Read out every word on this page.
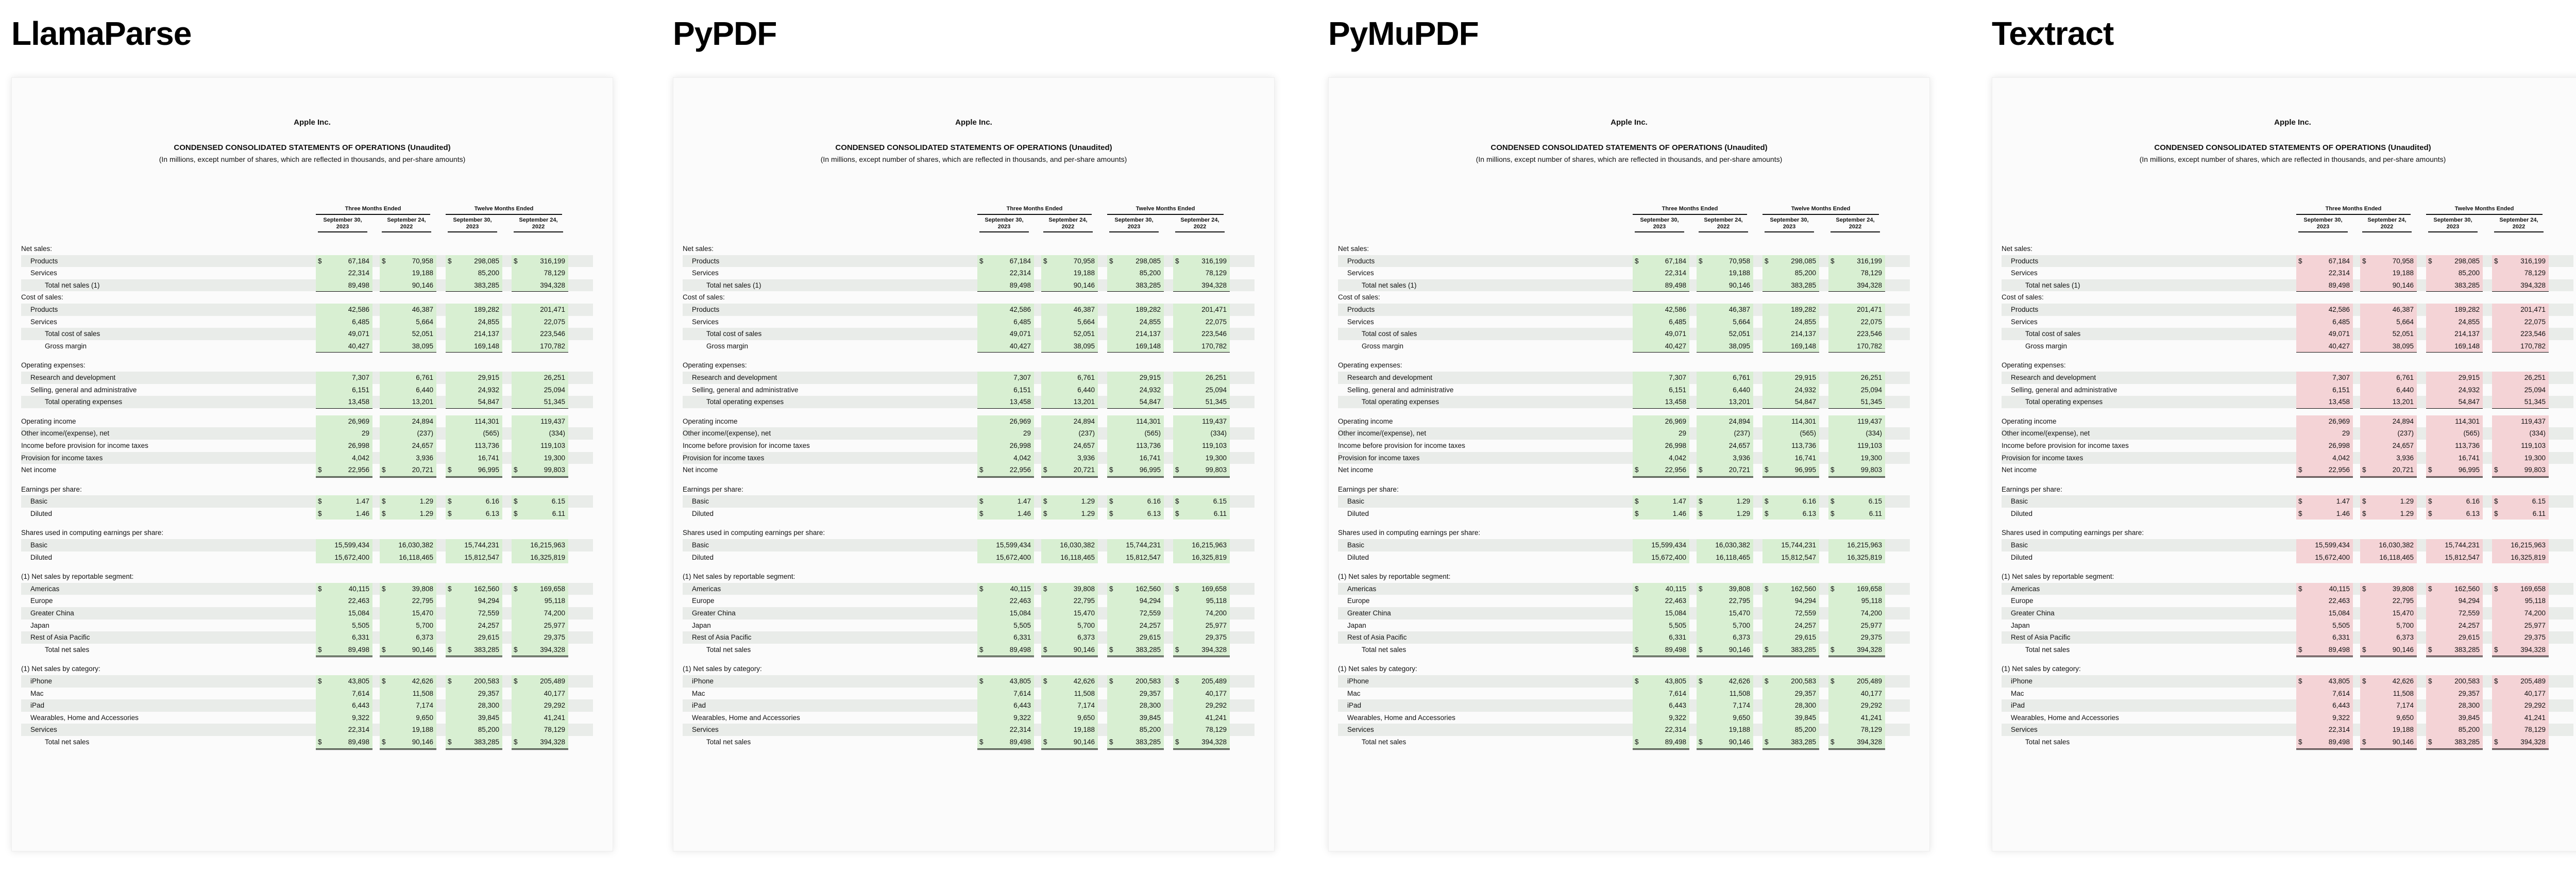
LlamaParse
Apple Inc.
CONDENSED CONSOLIDATED STATEMENTS OF OPERATIONS (Unaudited)
(In millions, except number of shares, which are reflected in thousands, and per-share amounts)
Three Months Ended	Twelve Months Ended
September 30, 2023
September 24, 2022
September 30, 2023
September 24, 2022
Net sales:
Products	$ 67,184	$ 70,958	$ 298,085	$ 316,199
Services	22,314	19,188	85,200	78,129
Total net sales (1)	89,498	90,146	383,285	394,328
Cost of sales:
Products	42,586	46,387	189,282	201,471
Services	6,485	5,664	24,855	22,075
Total cost of sales	49,071	52,051	214,137	223,546
Gross margin	40,427	38,095	169,148	170,782
Operating expenses:
Research and development	7,307	6,761	29,915	26,251
Selling, general and administrative	6,151	6,440	24,932	25,094
Total operating expenses	13,458	13,201	54,847	51,345
Operating income	26,969	24,894	114,301	119,437
Other income/(expense), net	29	(237)	(565)	(334)
Income before provision for income taxes	26,998	24,657	113,736	119,103
Provision for income taxes	4,042	3,936	16,741	19,300
Net income	$ 22,956	$ 20,721	$ 96,995	$ 99,803
Earnings per share:
Basic	$ 1.47	$ 1.29	$ 6.16	$ 6.15
Diluted	$ 1.46	$ 1.29	$ 6.13	$ 6.11
Shares used in computing earnings per share:
Basic	15,599,434	16,030,382	15,744,231	16,215,963
Diluted	15,672,400	16,118,465	15,812,547	16,325,819
(1) Net sales by reportable segment:
Americas	$ 40,115	$ 39,808	$ 162,560	$ 169,658
Europe	22,463	22,795	94,294	95,118
Greater China	15,084	15,470	72,559	74,200
Japan	5,505	5,700	24,257	25,977
Rest of Asia Pacific	6,331	6,373	29,615	29,375
Total net sales	$ 89,498	$ 90,146	$ 383,285	$ 394,328
(1) Net sales by category:
iPhone	$ 43,805	$ 42,626	$ 200,583	$ 205,489
Mac	7,614	11,508	29,357	40,177
iPad	6,443	7,174	28,300	29,292
Wearables, Home and Accessories	9,322	9,650	39,845	41,241
Services	22,314	19,188	85,200	78,129
Total net sales	$ 89,498	$ 90,146	$ 383,285	$ 394,328
PyPDF
Apple Inc.
CONDENSED CONSOLIDATED STATEMENTS OF OPERATIONS (Unaudited)
(In millions, except number of shares, which are reflected in thousands, and per-share amounts)
Three Months Ended	Twelve Months Ended
September 30, 2023
September 24, 2022
September 30, 2023
September 24, 2022
Net sales:
Products	$ 67,184	$ 70,958	$ 298,085	$ 316,199
Services	22,314	19,188	85,200	78,129
Total net sales (1)	89,498	90,146	383,285	394,328
Cost of sales:
Products	42,586	46,387	189,282	201,471
Services	6,485	5,664	24,855	22,075
Total cost of sales	49,071	52,051	214,137	223,546
Gross margin	40,427	38,095	169,148	170,782
Operating expenses:
Research and development	7,307	6,761	29,915	26,251
Selling, general and administrative	6,151	6,440	24,932	25,094
Total operating expenses	13,458	13,201	54,847	51,345
Operating income	26,969	24,894	114,301	119,437
Other income/(expense), net	29	(237)	(565)	(334)
Income before provision for income taxes	26,998	24,657	113,736	119,103
Provision for income taxes	4,042	3,936	16,741	19,300
Net income	$ 22,956	$ 20,721	$ 96,995	$ 99,803
Earnings per share:
Basic	$ 1.47	$ 1.29	$ 6.16	$ 6.15
Diluted	$ 1.46	$ 1.29	$ 6.13	$ 6.11
Shares used in computing earnings per share:
Basic	15,599,434	16,030,382	15,744,231	16,215,963
Diluted	15,672,400	16,118,465	15,812,547	16,325,819
(1) Net sales by reportable segment:
Americas	$ 40,115	$ 39,808	$ 162,560	$ 169,658
Europe	22,463	22,795	94,294	95,118
Greater China	15,084	15,470	72,559	74,200
Japan	5,505	5,700	24,257	25,977
Rest of Asia Pacific	6,331	6,373	29,615	29,375
Total net sales	$ 89,498	$ 90,146	$ 383,285	$ 394,328
(1) Net sales by category:
iPhone	$ 43,805	$ 42,626	$ 200,583	$ 205,489
Mac	7,614	11,508	29,357	40,177
iPad	6,443	7,174	28,300	29,292
Wearables, Home and Accessories	9,322	9,650	39,845	41,241
Services	22,314	19,188	85,200	78,129
Total net sales	$ 89,498	$ 90,146	$ 383,285	$ 394,328
PyMuPDF
Apple Inc.
CONDENSED CONSOLIDATED STATEMENTS OF OPERATIONS (Unaudited)
(In millions, except number of shares, which are reflected in thousands, and per-share amounts)
Three Months Ended	Twelve Months Ended
September 30, 2023
September 24, 2022
September 30, 2023
September 24, 2022
Net sales:
Products	$ 67,184	$ 70,958	$ 298,085	$ 316,199
Services	22,314	19,188	85,200	78,129
Total net sales (1)	89,498	90,146	383,285	394,328
Cost of sales:
Products	42,586	46,387	189,282	201,471
Services	6,485	5,664	24,855	22,075
Total cost of sales	49,071	52,051	214,137	223,546
Gross margin	40,427	38,095	169,148	170,782
Operating expenses:
Research and development	7,307	6,761	29,915	26,251
Selling, general and administrative	6,151	6,440	24,932	25,094
Total operating expenses	13,458	13,201	54,847	51,345
Operating income	26,969	24,894	114,301	119,437
Other income/(expense), net	29	(237)	(565)	(334)
Income before provision for income taxes	26,998	24,657	113,736	119,103
Provision for income taxes	4,042	3,936	16,741	19,300
Net income	$ 22,956	$ 20,721	$ 96,995	$ 99,803
Earnings per share:
Basic	$ 1.47	$ 1.29	$ 6.16	$ 6.15
Diluted	$ 1.46	$ 1.29	$ 6.13	$ 6.11
Shares used in computing earnings per share:
Basic	15,599,434	16,030,382	15,744,231	16,215,963
Diluted	15,672,400	16,118,465	15,812,547	16,325,819
(1) Net sales by reportable segment:
Americas	$ 40,115	$ 39,808	$ 162,560	$ 169,658
Europe	22,463	22,795	94,294	95,118
Greater China	15,084	15,470	72,559	74,200
Japan	5,505	5,700	24,257	25,977
Rest of Asia Pacific	6,331	6,373	29,615	29,375
Total net sales	$ 89,498	$ 90,146	$ 383,285	$ 394,328
(1) Net sales by category:
iPhone	$ 43,805	$ 42,626	$ 200,583	$ 205,489
Mac	7,614	11,508	29,357	40,177
iPad	6,443	7,174	28,300	29,292
Wearables, Home and Accessories	9,322	9,650	39,845	41,241
Services	22,314	19,188	85,200	78,129
Total net sales	$ 89,498	$ 90,146	$ 383,285	$ 394,328
Textract
Apple Inc.
CONDENSED CONSOLIDATED STATEMENTS OF OPERATIONS (Unaudited)
(In millions, except number of shares, which are reflected in thousands, and per-share amounts)
Three Months Ended	Twelve Months Ended
September 30, 2023
September 24, 2022
September 30, 2023
September 24, 2022
Net sales:
Products	$ 67,184	$ 70,958	$ 298,085	$ 316,199
Services	22,314	19,188	85,200	78,129
Total net sales (1)	89,498	90,146	383,285	394,328
Cost of sales:
Products	42,586	46,387	189,282	201,471
Services	6,485	5,664	24,855	22,075
Total cost of sales	49,071	52,051	214,137	223,546
Gross margin	40,427	38,095	169,148	170,782
Operating expenses:
Research and development	7,307	6,761	29,915	26,251
Selling, general and administrative	6,151	6,440	24,932	25,094
Total operating expenses	13,458	13,201	54,847	51,345
Operating income	26,969	24,894	114,301	119,437
Other income/(expense), net	29	(237)	(565)	(334)
Income before provision for income taxes	26,998	24,657	113,736	119,103
Provision for income taxes	4,042	3,936	16,741	19,300
Net income	$ 22,956	$ 20,721	$ 96,995	$ 99,803
Earnings per share:
Basic	$ 1.47	$ 1.29	$ 6.16	$ 6.15
Diluted	$ 1.46	$ 1.29	$ 6.13	$ 6.11
Shares used in computing earnings per share:
Basic	15,599,434	16,030,382	15,744,231	16,215,963
Diluted	15,672,400	16,118,465	15,812,547	16,325,819
(1) Net sales by reportable segment:
Americas	$ 40,115	$ 39,808	$ 162,560	$ 169,658
Europe	22,463	22,795	94,294	95,118
Greater China	15,084	15,470	72,559	74,200
Japan	5,505	5,700	24,257	25,977
Rest of Asia Pacific	6,331	6,373	29,615	29,375
Total net sales	$ 89,498	$ 90,146	$ 383,285	$ 394,328
(1) Net sales by category:
iPhone	$ 43,805	$ 42,626	$ 200,583	$ 205,489
Mac	7,614	11,508	29,357	40,177
iPad	6,443	7,174	28,300	29,292
Wearables, Home and Accessories	9,322	9,650	39,845	41,241
Services	22,314	19,188	85,200	78,129
Total net sales	$ 89,498	$ 90,146	$ 383,285	$ 394,328
